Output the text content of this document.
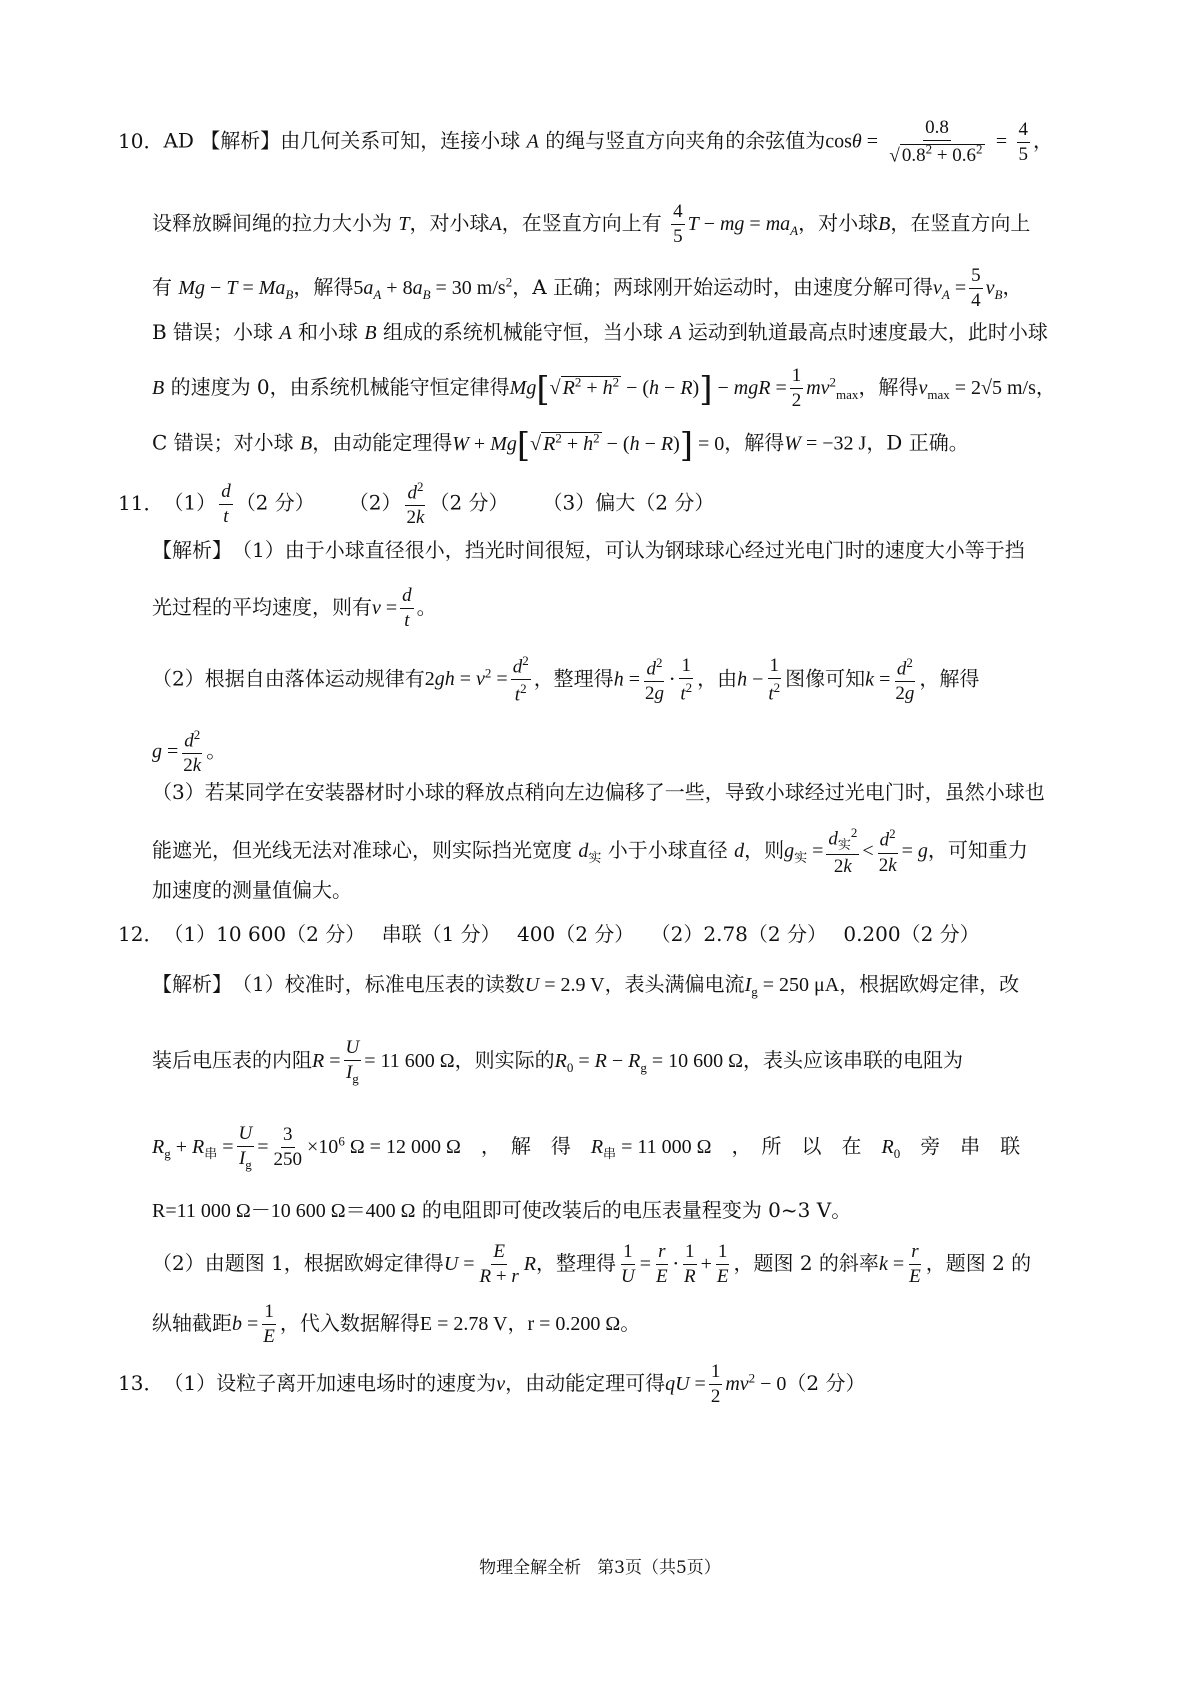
10．AD 【解析】由几何关系可知，连接小球 A 的绳与竖直方向夹角的余弦值为$\cos\theta = \frac{0.8}{√ 0.8^2 + 0.6^2} = \frac{4}{5}$ ，
设释放瞬间绳的拉力大小为 T，对小球A，在竖直方向上有 $\frac{4}{5}$ T − mg = $ma_A$，对小球B，在竖直方向上
有 $Mg - T = Ma_B$，解得$5a_A + 8a_B = 30$ $m/s^2$，A 正确；两球刚开始运动时，由速度分解可得$v_A = \frac{5}{4} v_B$，
B 错误；小球 A 和小球 B 组成的系统机械能守恒，当小球 A 运动到轨道最高点时速度最大，此时小球
B 的速度为 0，由系统机械能守恒定律得Mg[√ $R^2 + h^2 - (h - R)$] − mgR = $\frac{1}{2} mv^2_{max}$，解得$v_{max} = 2√5$ m/s，
C 错误；对小球 B，由动能定理得W + Mg[√ $R^2 + h^2 - (h - R)] = 0$，解得W = −32 J，D 正确。
11．$(1) \frac{d}{t} (2$ 分） $(2) \frac{d^2}{2k} (2$ 分） （3）偏大（2 分）
【解析】　 （1）由于小球直径很小，挡光时间很短，可认为钢球球心经过光电门时的速度大小等于挡
光过程的平均速度，则有$v = \frac{d}{t}$ 。
（2）根据自由落体运动规律有$2gh = v^2 = \frac{d^2}{t^2}$ ，整理得$h = \frac{d^2}{2g} \cdot \frac{1}{t^2}$ ，由$h - \frac{1}{t^2}$ 图像可知$k = \frac{d^2}{2g}$ ，解得
$g = \frac{d^2}{2k}$ 。
（3）若某同学在安装器材时小球的释放点稍向左边偏移了一些，导致小球经过光电门时，虽然小球也
能遮光，但光线无法对准球心，则实际挡光宽度 $d_实$ 小于小球直径 d，则$g_实 = \frac{d_实^2}{2k} < \frac{d^2}{2k} = g$，可知重力
加速度的测量值偏大。
12．（1）10 600（2 分）　 串联（1 分）　 400（2 分）　 （2）2.78（2 分）　 0.200（2 分）
【解析】　 （1）校准时，标准电压表的读数U = 2.9 V，表头满偏电流$I_g = 250$ μA，根据欧姆定律，改
装后电压表的内阻$R = \frac{U}{I_g} = 11$ 600 Ω，则实际的$R_0 = R - R_g = 10$ 600 Ω，表头应该串联的电阻为
$R_g + R_串 = \frac{U}{I_g} = \frac{3}{250} \times 10^6$ Ω = 12 000 Ω　 ，　解　得　 $R_串 = 11$ 000 Ω　 ，　所　以　在　 $R_0$　 旁　串　联
R=11 000 Ω－10 600 Ω＝400 Ω 的电阻即可使改装后的电压表量程变为 0~3 V。
（2）由题图 1，根据欧姆定律得$U = \frac{E}{R + r}$ R，整理得 $\frac{1}{U} = \frac{r}{E} \cdot \frac{1}{R} + \frac{1}{E}$ ，题图 2 的斜率$k = \frac{r}{E}$ ，题图 2 的
纵轴截距$b = \frac{1}{E}$ ，代入数据解得E = 2.78 V，r = 0.200 Ω。
13．（1）设粒子离开加速电场时的速度为v，由动能定理可得qU = $\frac{1}{2} mv^2 - 0(2$ 分）
物理全解全析 第3页（共5页）
